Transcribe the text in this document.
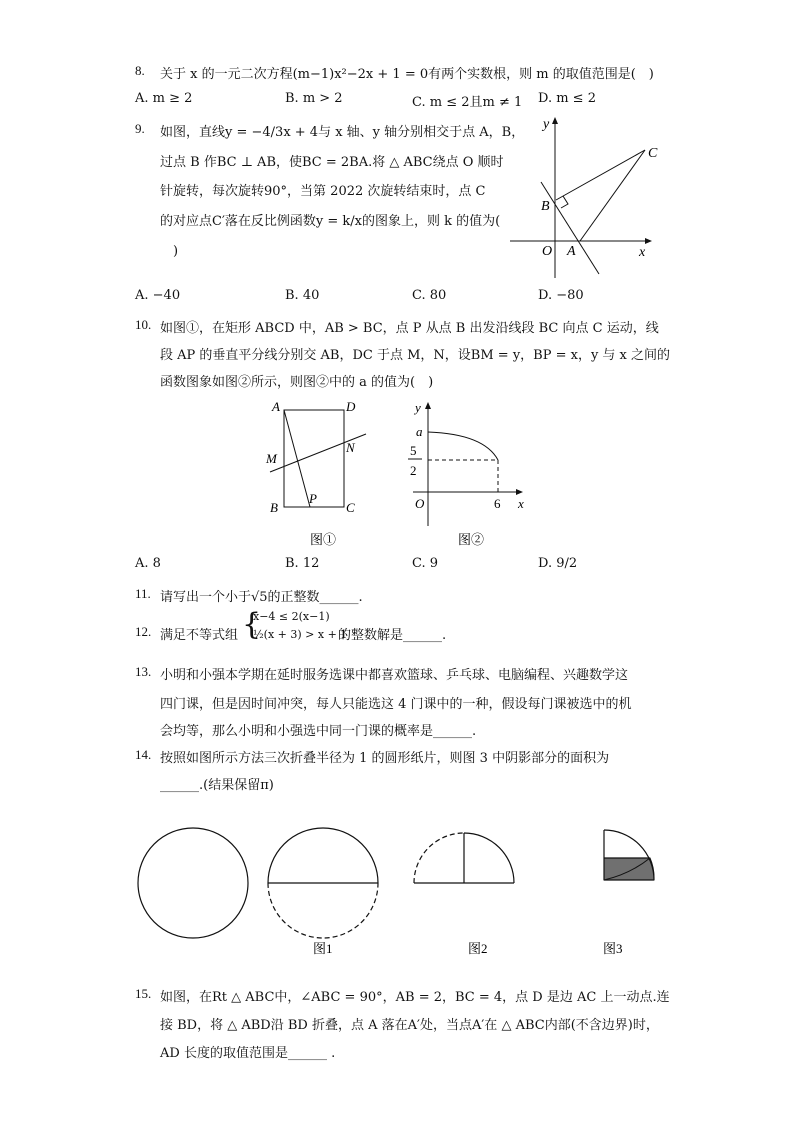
8. 关于 x 的一元二次方程(m−1)x²−2x + 1 = 0有两个实数根，则 m 的取值范围是(　)
A. m ≥ 2	B. m > 2	C. m ≤ 2且m ≠ 1 D. m ≤ 2
9. 如图，直线y = −4/3x + 4与 x 轴、y 轴分别相交于点 A，B，
过点 B 作BC ⊥ AB，使BC = 2BA.将 △ ABC绕点 O 顺时
针旋转，每次旋转90°，当第 2022 次旋转结束时，点 C
的对应点C′落在反比例函数y = k/x的图象上，则 k 的值为(
　)
y
x
O A
B
C
A. −40	B. 40	C. 80	D. −80
10. 如图①，在矩形 ABCD 中，AB > BC，点 P 从点 B 出发沿线段 BC 向点 C 运动，线
段 AP 的垂直平分线分别交 AB，DC 于点 M，N，设BM = y，BP = x，y 与 x 之间的
函数图象如图②所示，则图②中的 a 的值为(　)
A	D
M
N
B
P
C
图①
y
a
5
2
O	6 x
图②
A. 8	B. 12	C. 9	D. 9/2
11. 请写出一个小于√5的正整数______.
12. 满足不等式组 {
x−4 ≤ 2(x−1)
½(x + 3) > x + 1
的整数解是______.
13. 小明和小强本学期在延时服务选课中都喜欢篮球、乒乓球、电脑编程、兴趣数学这
四门课，但是因时间冲突，每人只能选这 4 门课中的一种，假设每门课被选中的机
会均等，那么小明和小强选中同一门课的概率是______.
14. 按照如图所示方法三次折叠半径为 1 的圆形纸片，则图 3 中阴影部分的面积为
______.(结果保留π)
图1	图2	图3
15. 如图，在Rt △ ABC中，∠ABC = 90°，AB = 2，BC = 4，点 D 是边 AC 上一动点.连
接 BD，将 △ ABD沿 BD 折叠，点 A 落在A′处，当点A′在 △ ABC内部(不含边界)时，
AD 长度的取值范围是______ .
